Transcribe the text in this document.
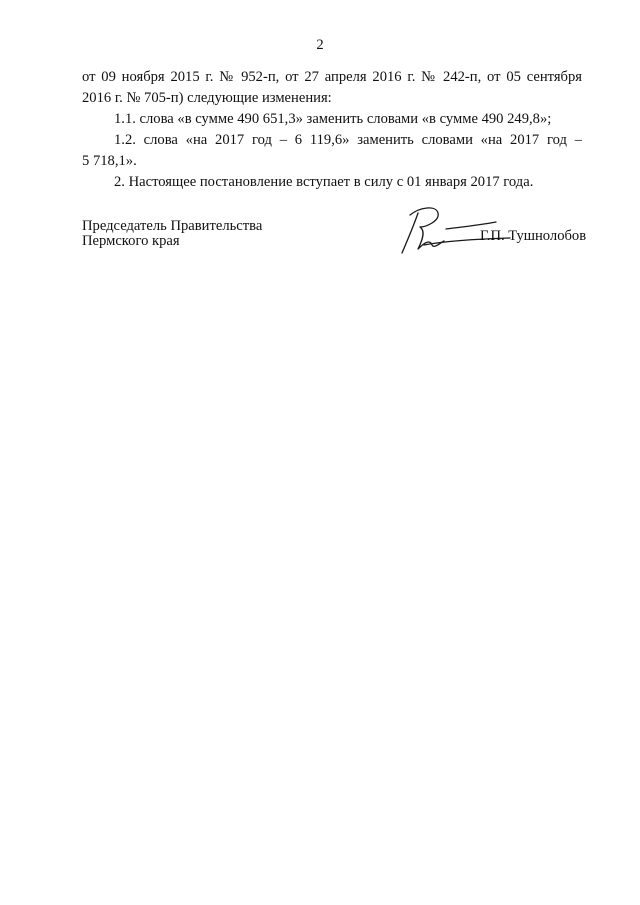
2
от 09 ноября 2015 г. № 952-п, от 27 апреля 2016 г. № 242-п, от 05 сентября
2016 г. № 705-п) следующие изменения:
1.1. слова «в сумме 490 651,3» заменить словами «в сумме 490 249,8»;
1.2. слова «на 2017 год – 6 119,6» заменить словами «на 2017 год –
5 718,1».
2. Настоящее постановление вступает в силу с 01 января 2017 года.
Председатель Правительства
Пермского края	Г.П. Тушнолобов
